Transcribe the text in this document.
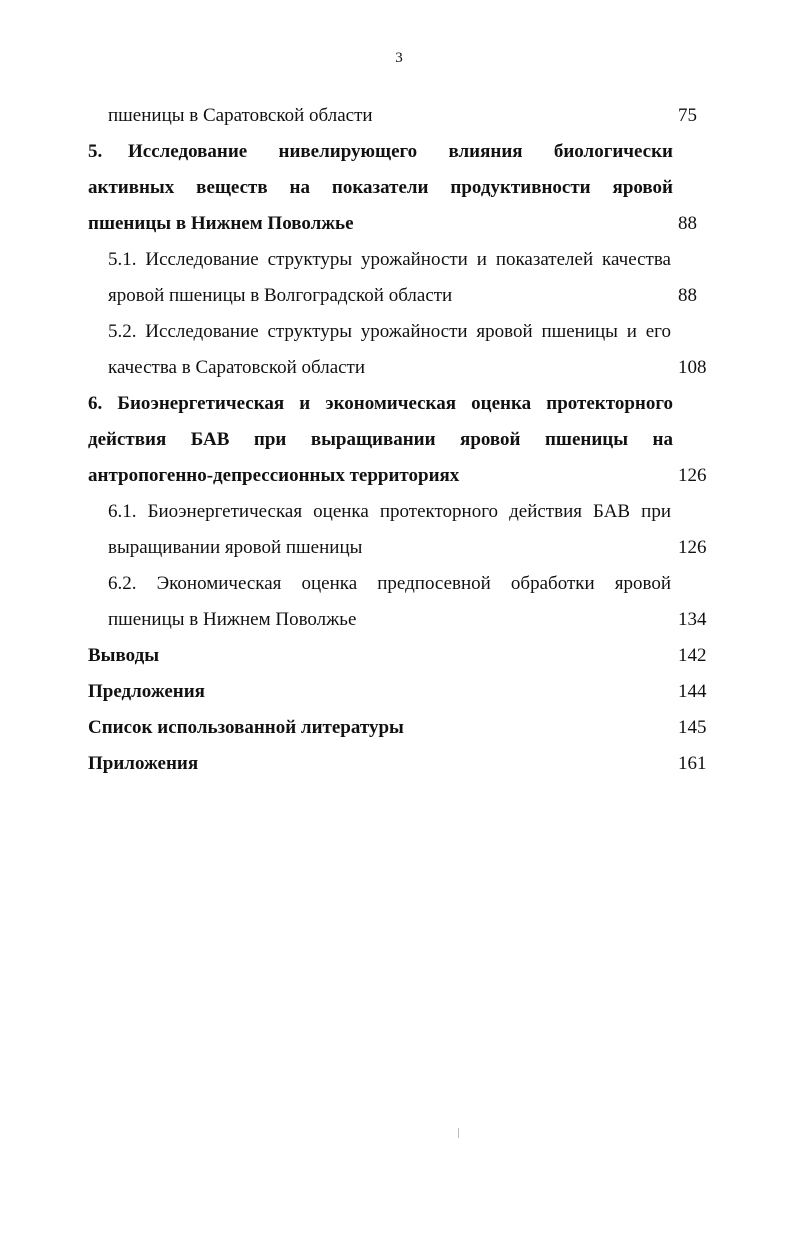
3
пшеницы в Саратовской области	75
5. Исследование нивелирующего влияния биологически
активных веществ на показатели продуктивности яровой
пшеницы в Нижнем Поволжье	88
5.1. Исследование структуры урожайности и показателей качества
яровой пшеницы в Волгоградской области	88
5.2. Исследование структуры урожайности яровой пшеницы и его
качества в Саратовской области	108
6. Биоэнергетическая и экономическая оценка протекторного
действия БАВ при выращивании яровой пшеницы на
антропогенно-депрессионных территориях	126
6.1. Биоэнергетическая оценка протекторного действия БАВ при
выращивании яровой пшеницы	126
6.2. Экономическая оценка предпосевной обработки яровой
пшеницы в Нижнем Поволжье	134
Выводы	142
Предложения	144
Список использованной литературы	145
Приложения	161
